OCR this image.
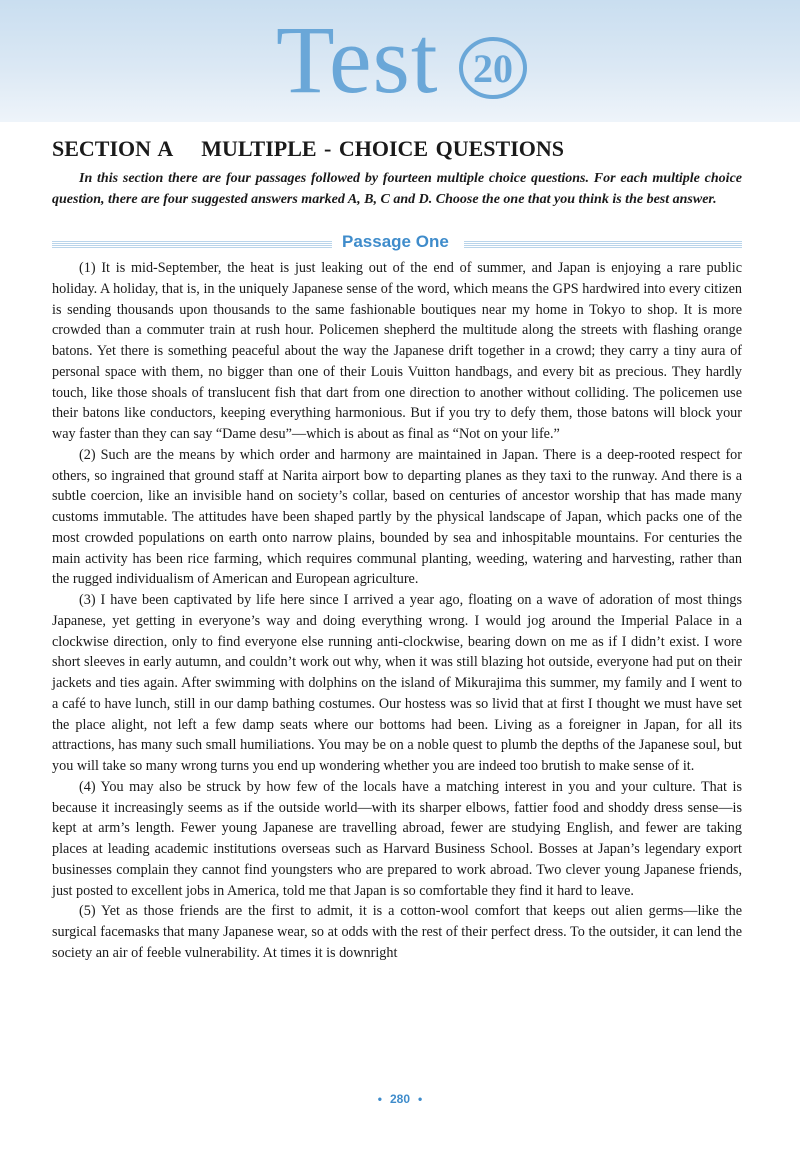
Test 20
SECTION A MULTIPLE - CHOICE QUESTIONS
In this section there are four passages followed by fourteen multiple choice questions. For each multiple choice question, there are four suggested answers marked A, B, C and D. Choose the one that you think is the best answer.
Passage One

(1) It is mid-September, the heat is just leaking out of the end of summer, and Japan is enjoying a rare public holiday. A holiday, that is, in the uniquely Japanese sense of the word, which means the GPS hardwired into every citizen is sending thousands upon thousands to the same fashionable boutiques near my home in Tokyo to shop. It is more crowded than a commuter train at rush hour. Policemen shepherd the multitude along the streets with flashing orange batons. Yet there is something peaceful about the way the Japanese drift together in a crowd; they carry a tiny aura of personal space with them, no bigger than one of their Louis Vuitton handbags, and every bit as precious. They hardly touch, like those shoals of translucent fish that dart from one direction to another without colliding. The policemen use their batons like conductors, keeping everything harmonious. But if you try to defy them, those batons will block your way faster than they can say “Dame desu”—which is about as final as “Not on your life.”

(2) Such are the means by which order and harmony are maintained in Japan. There is a deep-rooted respect for others, so ingrained that ground staff at Narita airport bow to departing planes as they taxi to the runway. And there is a subtle coercion, like an invisible hand on society’s collar, based on centuries of ancestor worship that has made many customs immutable. The attitudes have been shaped partly by the physical landscape of Japan, which packs one of the most crowded populations on earth onto narrow plains, bounded by sea and inhospitable mountains. For centuries the main activity has been rice farming, which requires communal planting, weeding, watering and harvesting, rather than the rugged individualism of American and European agriculture.

(3) I have been captivated by life here since I arrived a year ago, floating on a wave of adoration of most things Japanese, yet getting in everyone’s way and doing everything wrong. I would jog around the Imperial Palace in a clockwise direction, only to find everyone else running anti-clockwise, bearing down on me as if I didn’t exist. I wore short sleeves in early autumn, and couldn’t work out why, when it was still blazing hot outside, everyone had put on their jackets and ties again. After swimming with dolphins on the island of Mikurajima this summer, my family and I went to a café to have lunch, still in our damp bathing costumes. Our hostess was so livid that at first I thought we must have set the place alight, not left a few damp seats where our bottoms had been. Living as a foreigner in Japan, for all its attractions, has many such small humiliations. You may be on a noble quest to plumb the depths of the Japanese soul, but you will take so many wrong turns you end up wondering whether you are indeed too brutish to make sense of it.

(4) You may also be struck by how few of the locals have a matching interest in you and your culture. That is because it increasingly seems as if the outside world—with its sharper elbows, fattier food and shoddy dress sense—is kept at arm’s length. Fewer young Japanese are travelling abroad, fewer are studying English, and fewer are taking places at leading academic institutions overseas such as Harvard Business School. Bosses at Japan’s legendary export businesses complain they cannot find youngsters who are prepared to work abroad. Two clever young Japanese friends, just posted to excellent jobs in America, told me that Japan is so comfortable they find it hard to leave.

(5) Yet as those friends are the first to admit, it is a cotton-wool comfort that keeps out alien germs—like the surgical facemasks that many Japanese wear, so at odds with the rest of their perfect dress. To the outsider, it can lend the society an air of feeble vulnerability. At times it is downright

• 280 •
